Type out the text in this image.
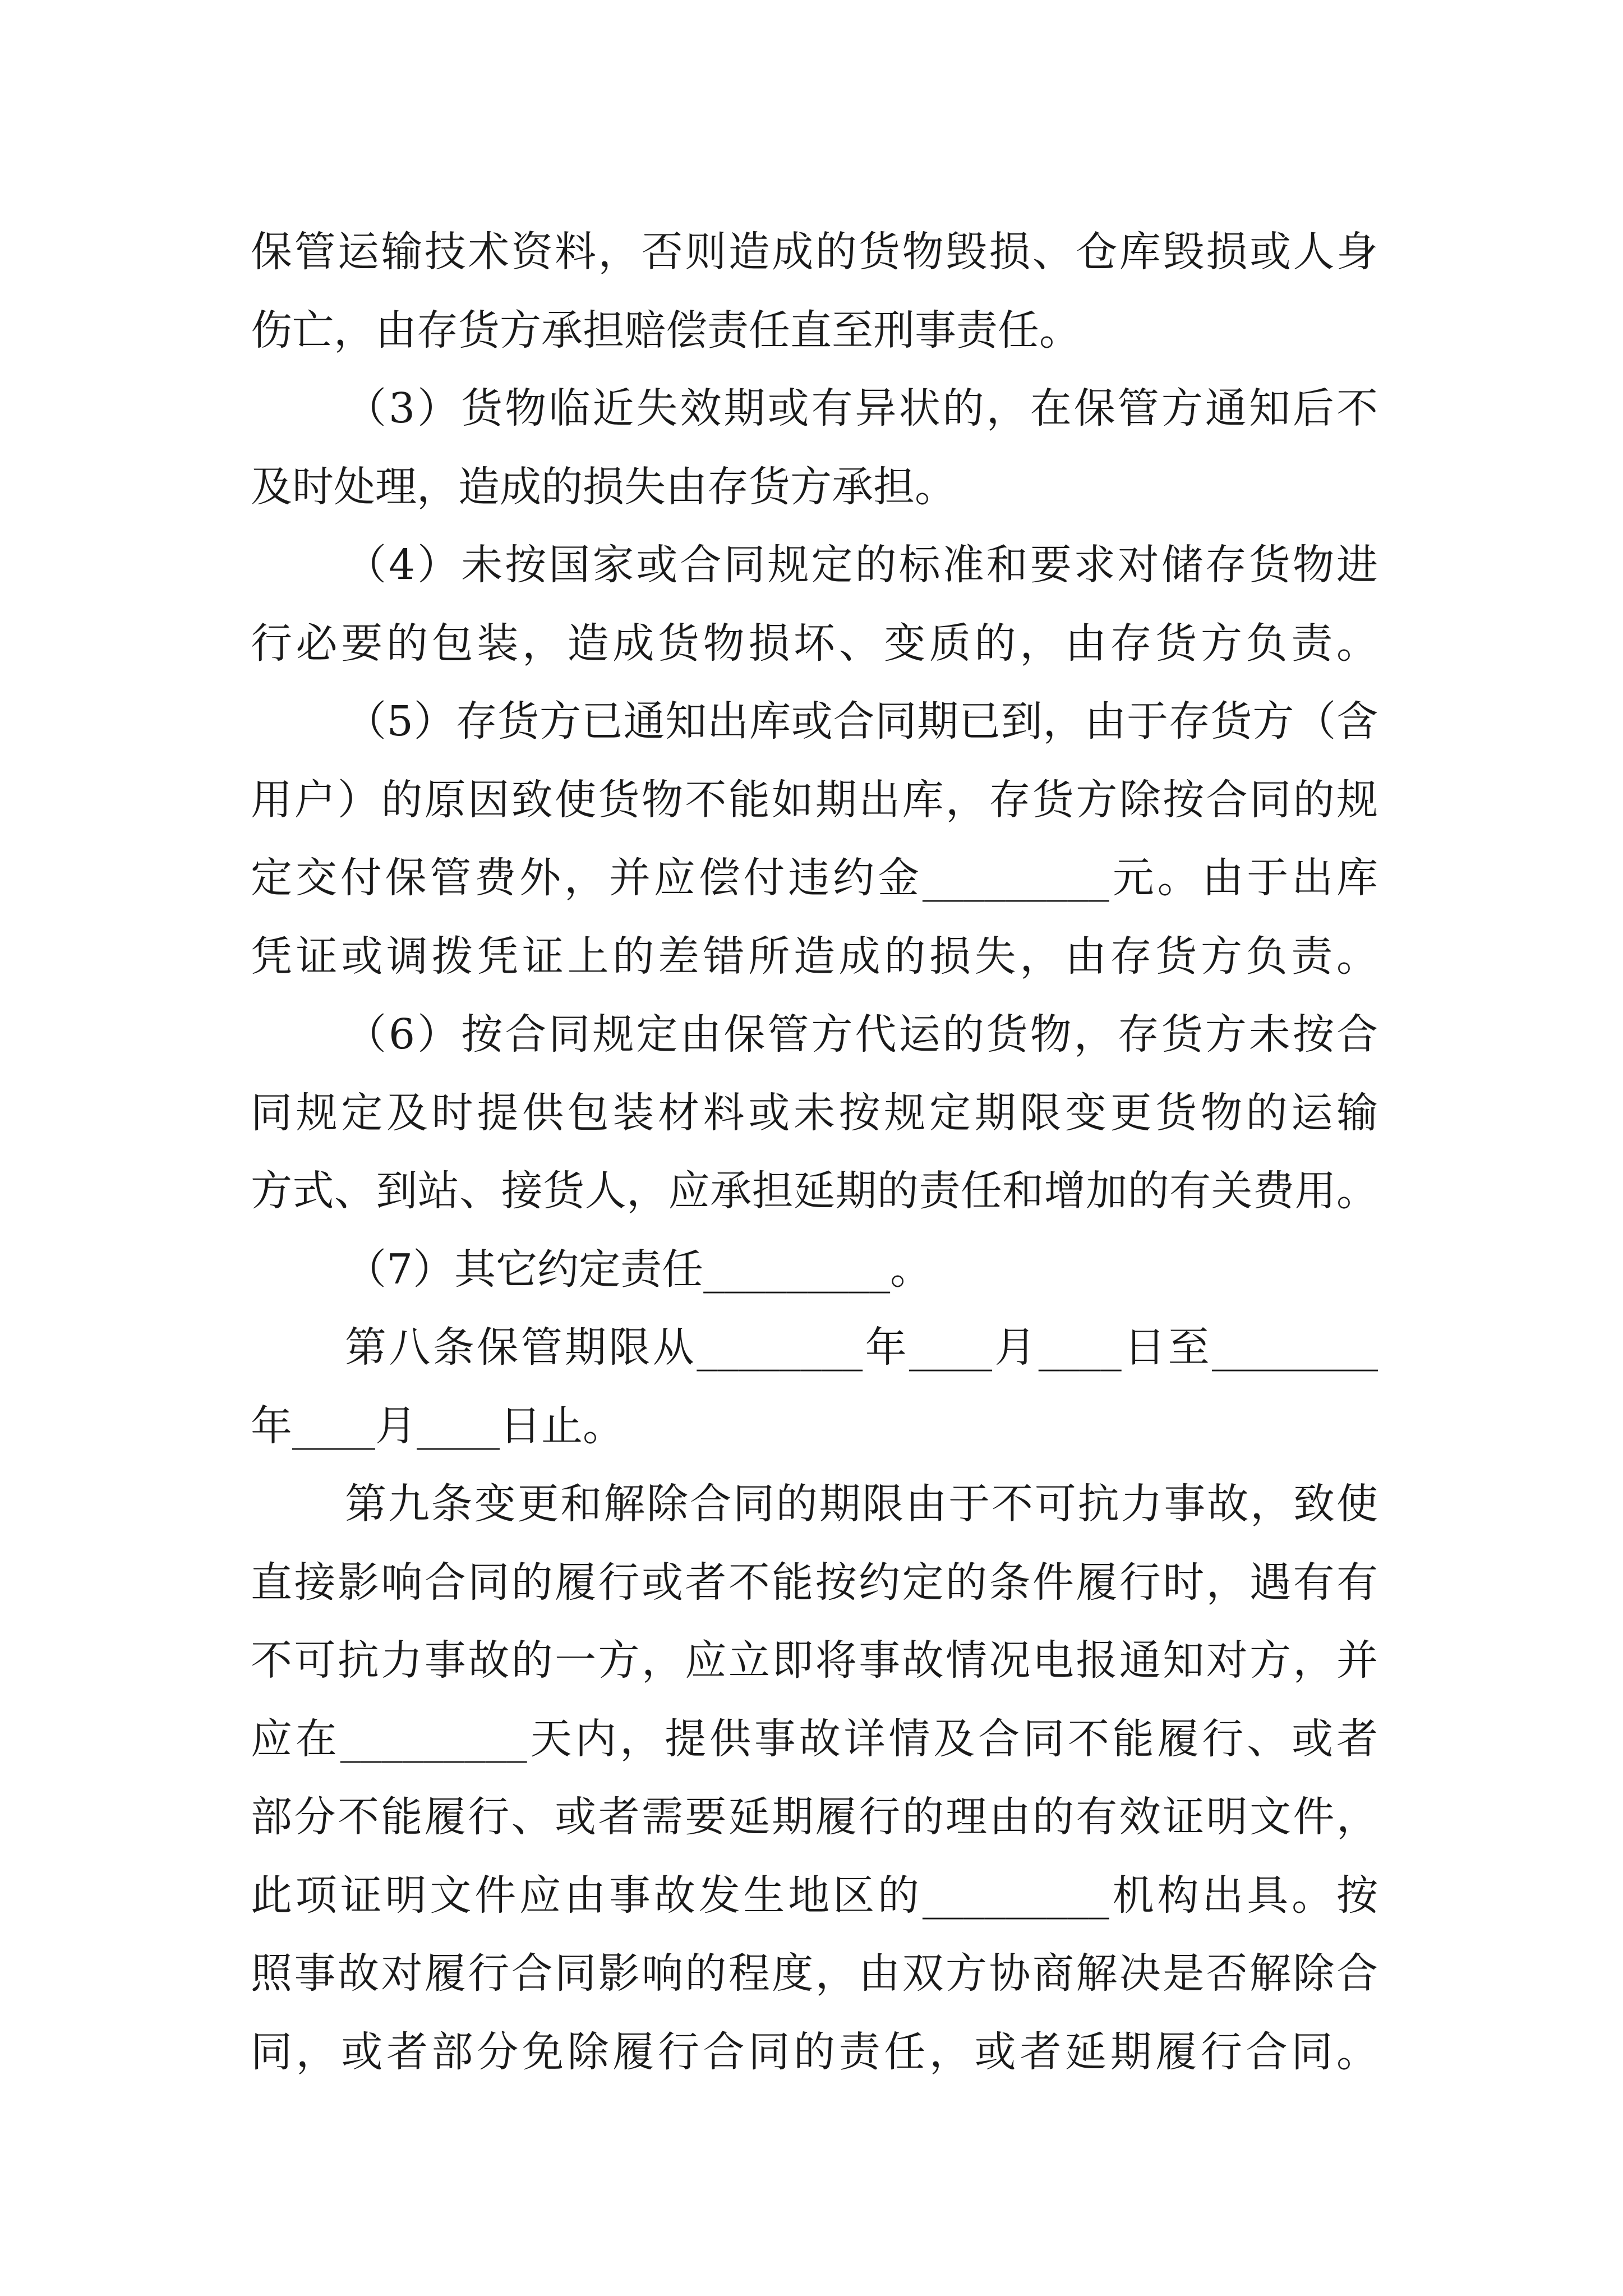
保管运输技术资料，否则造成的货物毁损、仓库毁损或人身
伤亡，由存货方承担赔偿责任直至刑事责任。
（3）货物临近失效期或有异状的，在保管方通知后不
及时处理，造成的损失由存货方承担。
（4）未按国家或合同规定的标准和要求对储存货物进
行必要的包装，造成货物损坏、变质的，由存货方负责。
（5）存货方已通知出库或合同期已到，由于存货方（含
用户）的原因致使货物不能如期出库，存货方除按合同的规
定交付保管费外，并应偿付违约金_________元。由于出库
凭证或调拨凭证上的差错所造成的损失，由存货方负责。
（6）按合同规定由保管方代运的货物，存货方未按合
同规定及时提供包装材料或未按规定期限变更货物的运输
方式、到站、接货人，应承担延期的责任和增加的有关费用。
（7）其它约定责任_________。
第八条保管期限从________年____月____日至________
年____月____日止。
第九条变更和解除合同的期限由于不可抗力事故，致使
直接影响合同的履行或者不能按约定的条件履行时，遇有有
不可抗力事故的一方，应立即将事故情况电报通知对方，并
应在_________天内，提供事故详情及合同不能履行、或者
部分不能履行、或者需要延期履行的理由的有效证明文件，
此项证明文件应由事故发生地区的_________机构出具。按
照事故对履行合同影响的程度，由双方协商解决是否解除合
同，或者部分免除履行合同的责任，或者延期履行合同。
